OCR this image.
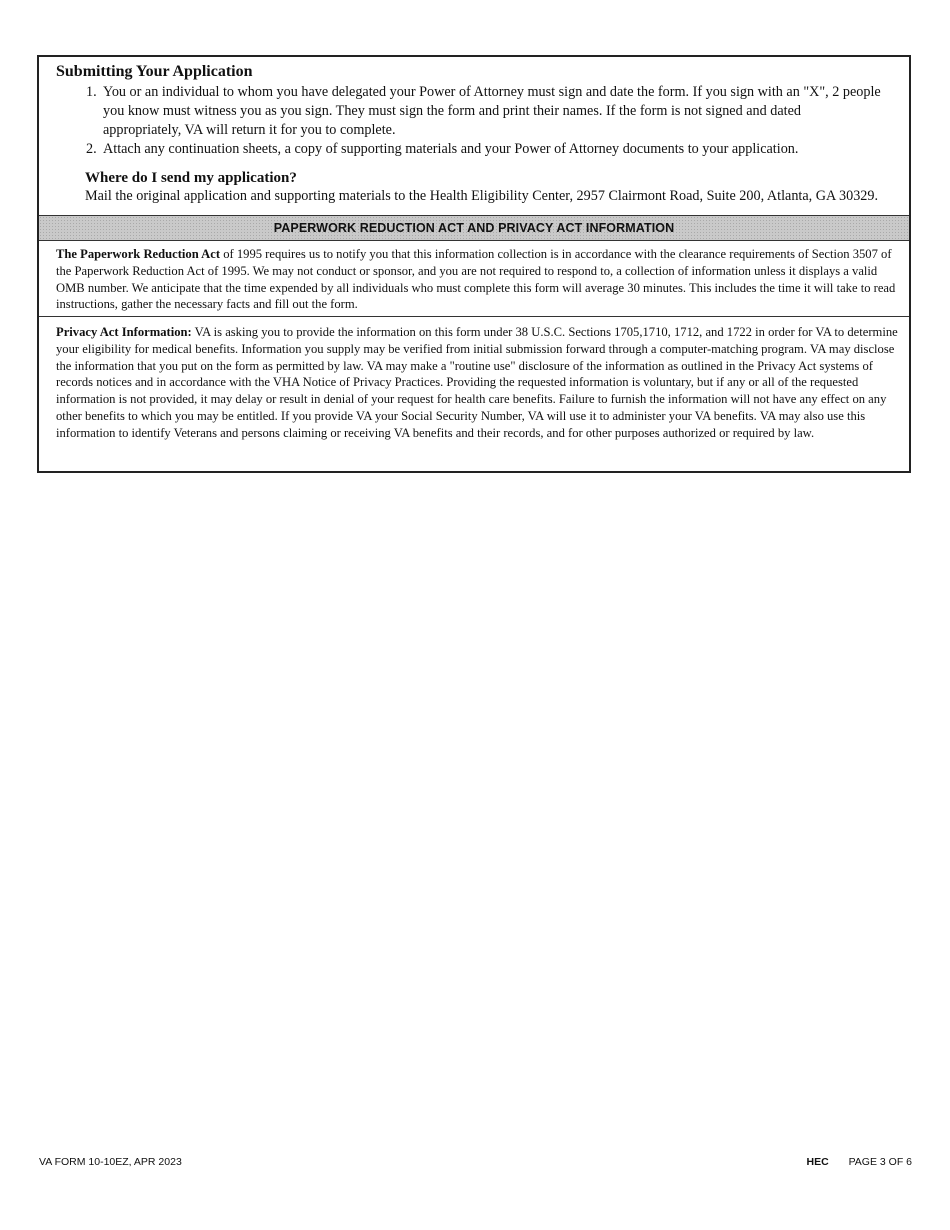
Submitting Your Application
1. You or an individual to whom you have delegated your Power of Attorney must sign and date the form. If you sign with an "X", 2 people you know must witness you as you sign. They must sign the form and print their names. If the form is not signed and dated appropriately, VA will return it for you to complete.
2. Attach any continuation sheets, a copy of supporting materials and your Power of Attorney documents to your application.
Where do I send my application?
Mail the original application and supporting materials to the Health Eligibility Center, 2957 Clairmont Road, Suite 200, Atlanta, GA 30329.
PAPERWORK REDUCTION ACT AND PRIVACY ACT INFORMATION

The Paperwork Reduction Act of 1995 requires us to notify you that this information collection is in accordance with the clearance requirements of Section 3507 of the Paperwork Reduction Act of 1995. We may not conduct or sponsor, and you are not required to respond to, a collection of information unless it displays a valid OMB number. We anticipate that the time expended by all individuals who must complete this form will average 30 minutes. This includes the time it will take to read instructions, gather the necessary facts and fill out the form.

Privacy Act Information: VA is asking you to provide the information on this form under 38 U.S.C. Sections 1705,1710, 1712, and 1722 in order for VA to determine your eligibility for medical benefits. Information you supply may be verified from initial submission forward through a computer-matching program. VA may disclose the information that you put on the form as permitted by law. VA may make a "routine use" disclosure of the information as outlined in the Privacy Act systems of records notices and in accordance with the VHA Notice of Privacy Practices. Providing the requested information is voluntary, but if any or all of the requested information is not provided, it may delay or result in denial of your request for health care benefits. Failure to furnish the information will not have any effect on any other benefits to which you may be entitled. If you provide VA your Social Security Number, VA will use it to administer your VA benefits. VA may also use this information to identify Veterans and persons claiming or receiving VA benefits and their records, and for other purposes authorized or required by law.

VA FORM 10-10EZ, APR 2023	HEC PAGE 3 OF 6
